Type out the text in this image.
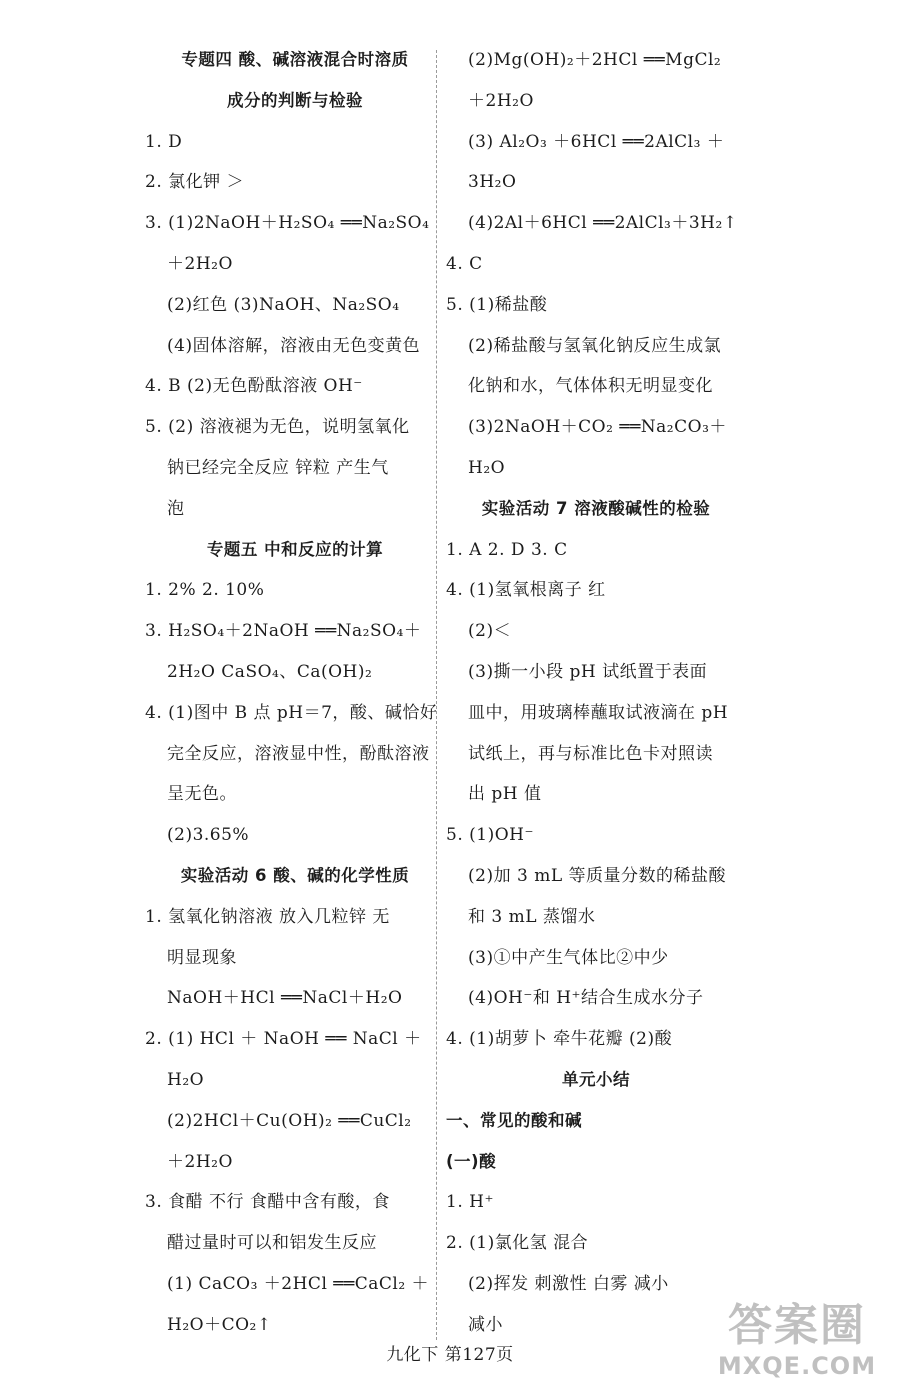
专题四 酸、碱溶液混合时溶质
成分的判断与检验
1. D
2. 氯化钾 ＞
3. (1)2NaOH＋H₂SO₄ ══Na₂SO₄
＋2H₂O
(2)红色 (3)NaOH、Na₂SO₄
(4)固体溶解，溶液由无色变黄色
4. B (2)无色酚酞溶液 OH⁻
5. (2) 溶液褪为无色，说明氢氧化
钠已经完全反应 锌粒 产生气
泡
专题五 中和反应的计算
1. 2% 2. 10%
3. H₂SO₄＋2NaOH ══Na₂SO₄＋
2H₂O CaSO₄、Ca(OH)₂
4. (1)图中 B 点 pH＝7，酸、碱恰好
完全反应，溶液显中性，酚酞溶液
呈无色。
(2)3.65%
实验活动 6 酸、碱的化学性质
1. 氢氧化钠溶液 放入几粒锌 无
明显现象
NaOH＋HCl ══NaCl＋H₂O
2. (1) HCl ＋ NaOH ══ NaCl ＋
H₂O
(2)2HCl＋Cu(OH)₂ ══CuCl₂
＋2H₂O
3. 食醋 不行 食醋中含有酸，食
醋过量时可以和铝发生反应
(1) CaCO₃ ＋2HCl ══CaCl₂ ＋
H₂O＋CO₂↑
(2)Mg(OH)₂＋2HCl ══MgCl₂
＋2H₂O
(3) Al₂O₃ ＋6HCl ══2AlCl₃ ＋
3H₂O
(4)2Al＋6HCl ══2AlCl₃＋3H₂↑
4. C
5. (1)稀盐酸
(2)稀盐酸与氢氧化钠反应生成氯
化钠和水，气体体积无明显变化
(3)2NaOH＋CO₂ ══Na₂CO₃＋
H₂O
实验活动 7 溶液酸碱性的检验
1. A 2. D 3. C
4. (1)氢氧根离子 红
(2)＜
(3)撕一小段 pH 试纸置于表面
皿中，用玻璃棒蘸取试液滴在 pH
试纸上，再与标准比色卡对照读
出 pH 值
5. (1)OH⁻
(2)加 3 mL 等质量分数的稀盐酸
和 3 mL 蒸馏水
(3)①中产生气体比②中少
(4)OH⁻和 H⁺结合生成水分子
4. (1)胡萝卜 牵牛花瓣 (2)酸
单元小结
一、常见的酸和碱
(一)酸
1. H⁺
2. (1)氯化氢 混合
(2)挥发 刺激性 白雾 减小
减小
九化下 第127页
答案圈
MXQE.COM
